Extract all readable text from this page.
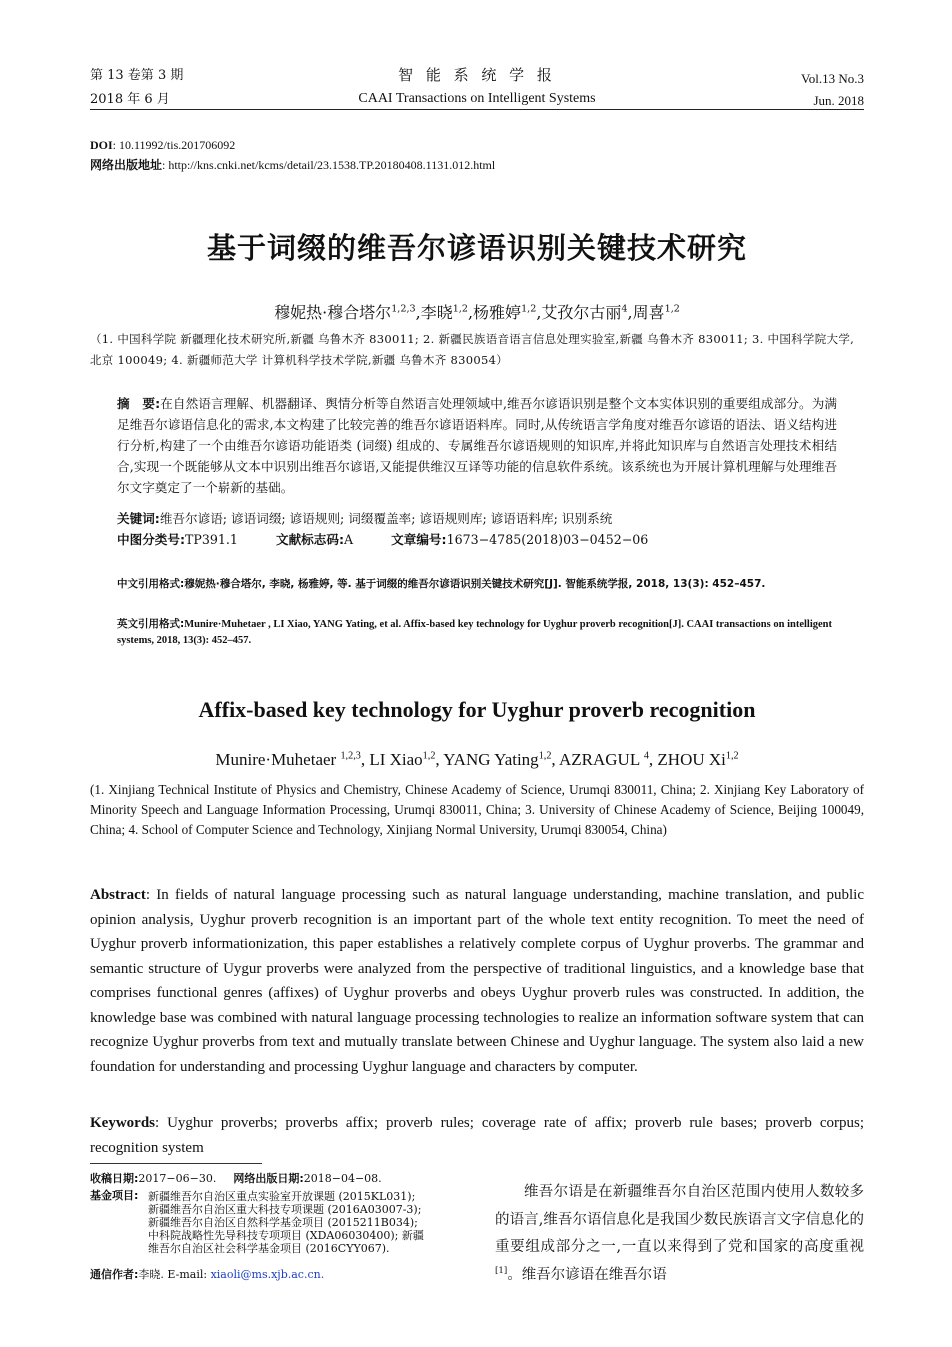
第 13 卷第 3 期
2018 年 6 月
智 能 系 统 学 报
CAAI Transactions on Intelligent Systems
Vol.13 No.3
Jun. 2018
DOI: 10.11992/tis.201706092
网络出版地址: http://kns.cnki.net/kcms/detail/23.1538.TP.20180408.1131.012.html
基于词缀的维吾尔谚语识别关键技术研究
穆妮热·穆合塔尔$^{1,2,3}$,李晓$^{1,2}$,杨雅婷$^{1,2}$,艾孜尔古丽$^4$,周喜$^{1,2}$
（1. 中国科学院 新疆理化技术研究所,新疆 乌鲁木齐 830011; 2. 新疆民族语音语言信息处理实验室,新疆 乌鲁木齐 830011; 3. 中国科学院大学,北京 100049; 4. 新疆师范大学 计算机科学技术学院,新疆 乌鲁木齐 830054）
摘　要:在自然语言理解、机器翻译、舆情分析等自然语言处理领域中,维吾尔谚语识别是整个文本实体识别的重要组成部分。为满足维吾尔谚语信息化的需求,本文构建了比较完善的维吾尔谚语语料库。同时,从传统语言学角度对维吾尔谚语的语法、语义结构进行分析,构建了一个由维吾尔谚语功能语类 (词缀) 组成的、专属维吾尔谚语规则的知识库,并将此知识库与自然语言处理技术相结合,实现一个既能够从文本中识别出维吾尔谚语,又能提供维汉互译等功能的信息软件系统。该系统也为开展计算机理解与处理维吾尔文字奠定了一个崭新的基础。
关键词:维吾尔谚语; 谚语词缀; 谚语规则; 词缀覆盖率; 谚语规则库; 谚语语料库; 识别系统
中图分类号:TP391.1	文献标志码:A	文章编号:1673−4785(2018)03−0452−06
中文引用格式:穆妮热·穆合塔尔, 李晓, 杨雅婷, 等. 基于词缀的维吾尔谚语识别关键技术研究[J]. 智能系统学报, 2018, 13(3): 452–457.
英文引用格式:Munire·Muhetaer , LI Xiao, YANG Yating, et al. Affix-based key technology for Uyghur proverb recognition[J]. CAAI transactions on intelligent systems, 2018, 13(3): 452–457.
Affix-based key technology for Uyghur proverb recognition
Munire·Muhetaer $^{1,2,3}$, LI Xiao$^{1,2}$, YANG Yating$^{1,2}$, AZRAGUL $^4$, ZHOU Xi$^{1,2}$
(1. Xinjiang Technical Institute of Physics and Chemistry, Chinese Academy of Science, Urumqi 830011, China; 2. Xinjiang Key Laboratory of Minority Speech and Language Information Processing, Urumqi 830011, China; 3. University of Chinese Academy of Science, Beijing 100049, China; 4. School of Computer Science and Technology, Xinjiang Normal University, Urumqi 830054, China)
Abstract: In fields of natural language processing such as natural language understanding, machine translation, and public opinion analysis, Uyghur proverb recognition is an important part of the whole text entity recognition. To meet the need of Uyghur proverb informationization, this paper establishes a relatively complete corpus of Uyghur proverbs. The grammar and semantic structure of Uygur proverbs were analyzed from the perspective of traditional linguistics, and a knowledge base that comprises functional genres (affixes) of Uyghur proverbs and obeys Uyghur proverb rules was constructed. In addition, the knowledge base was combined with natural language processing technologies to realize an information software system that can recognize Uyghur proverbs from text and mutually translate between Chinese and Uyghur language. The system also laid a new foundation for understanding and processing Uyghur language and characters by computer.
Keywords: Uyghur proverbs; proverbs affix; proverb rules; coverage rate of affix; proverb rule bases; proverb corpus; recognition system
收稿日期:2017−06−30. 网络出版日期:2018−04−08.
基金项目: 新疆维吾尔自治区重点实验室开放课题 (2015KL031);
新疆维吾尔自治区重大科技专项课题 (2016A03007-3);
新疆维吾尔自治区自然科学基金项目 (2015211B034);
中科院战略性先导科技专项项目 (XDA06030400); 新疆
维吾尔自治区社会科学基金项目 (2016CYY067).
通信作者:李晓. E-mail: xiaoli@ms.xjb.ac.cn.
维吾尔语是在新疆维吾尔自治区范围内使用人数较多的语言,维吾尔语信息化是我国少数民族语言文字信息化的重要组成部分之一,一直以来得到了党和国家的高度重视[1]。维吾尔谚语在维吾尔语
